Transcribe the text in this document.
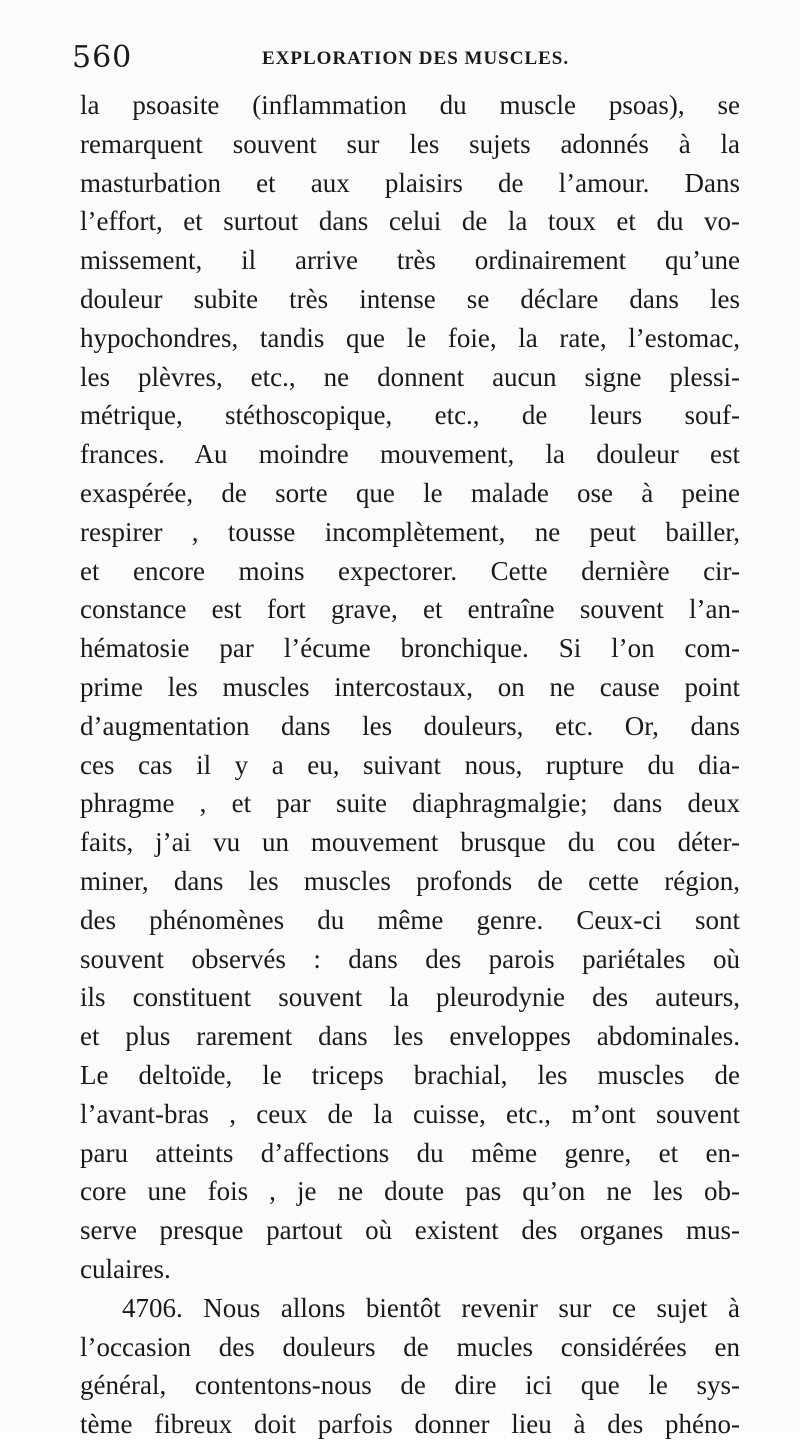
560	EXPLORATION DES MUSCLES.
la psoasite (inflammation du muscle psoas), se
remarquent souvent sur les sujets adonnés à la
masturbation et aux plaisirs de l’amour. Dans
l’effort, et surtout dans celui de la toux et du vo-
missement, il arrive très ordinairement qu’une
douleur subite très intense se déclare dans les
hypochondres, tandis que le foie, la rate, l’estomac,
les plèvres, etc., ne donnent aucun signe plessi-
métrique, stéthoscopique, etc., de leurs souf-
frances. Au moindre mouvement, la douleur est
exaspérée, de sorte que le malade ose à peine
respirer , tousse incomplètement, ne peut bailler,
et encore moins expectorer. Cette dernière cir-
constance est fort grave, et entraîne souvent l’an-
hématosie par l’écume bronchique. Si l’on com-
prime les muscles intercostaux, on ne cause point
d’augmentation dans les douleurs, etc. Or, dans
ces cas il y a eu, suivant nous, rupture du dia-
phragme , et par suite diaphragmalgie; dans deux
faits, j’ai vu un mouvement brusque du cou déter-
miner, dans les muscles profonds de cette région,
des phénomènes du même genre. Ceux-ci sont
souvent observés : dans des parois pariétales où
ils constituent souvent la pleurodynie des auteurs,
et plus rarement dans les enveloppes abdominales.
Le deltoïde, le triceps brachial, les muscles de
l’avant-bras , ceux de la cuisse, etc., m’ont souvent
paru atteints d’affections du même genre, et en-
core une fois , je ne doute pas qu’on ne les ob-
serve presque partout où existent des organes mus-
culaires.
4706. Nous allons bientôt revenir sur ce sujet à
l’occasion des douleurs de mucles considérées en
général, contentons-nous de dire ici que le sys-
tème fibreux doit parfois donner lieu à des phéno-
